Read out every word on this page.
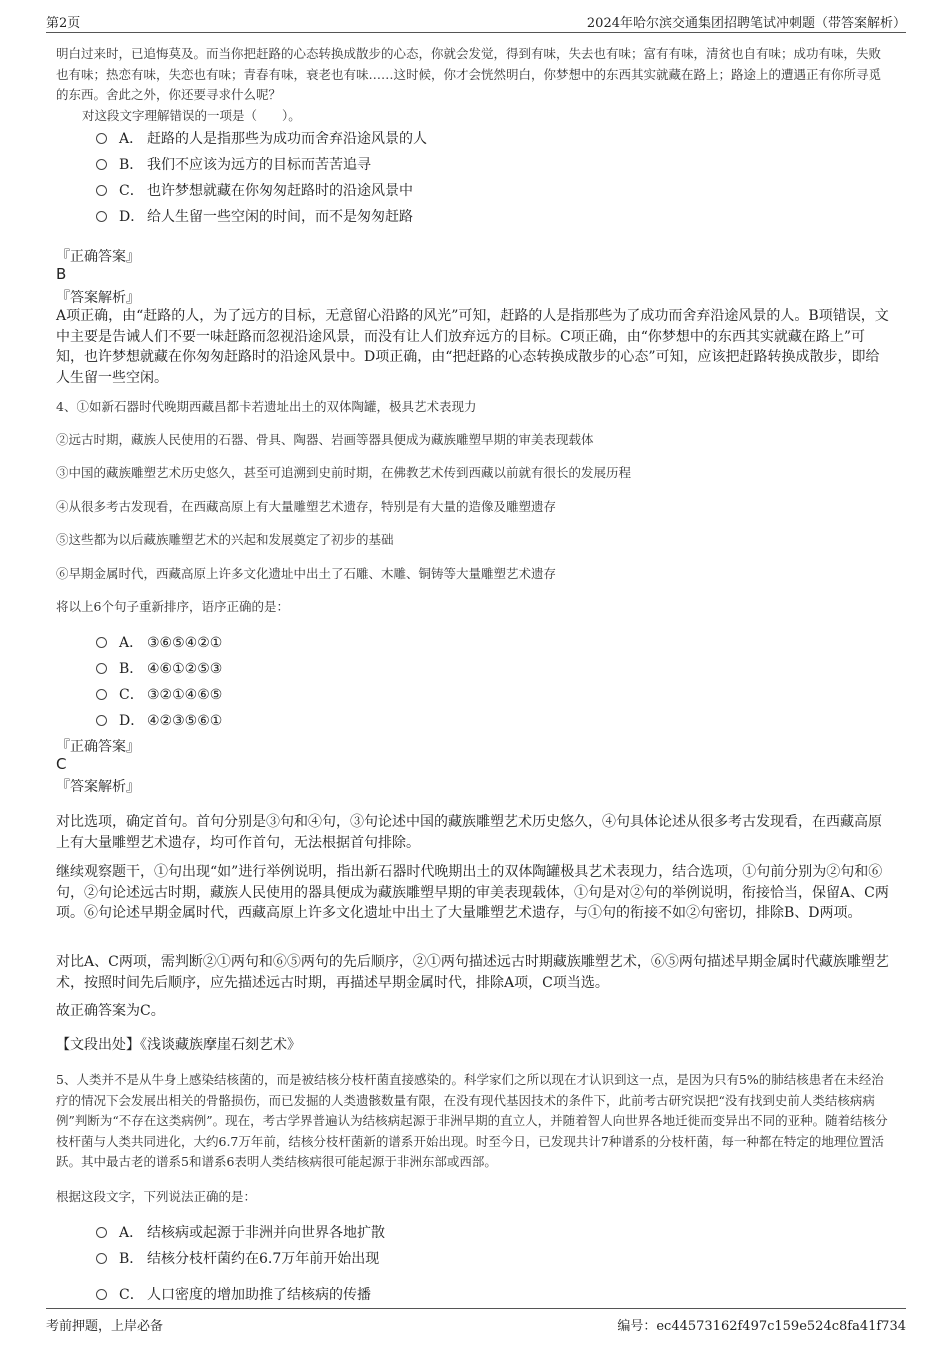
第2页	2024年哈尔滨交通集团招聘笔试冲刺题（带答案解析）
明白过来时，已追悔莫及。而当你把赶路的心态转换成散步的心态，你就会发觉，得到有味，失去也有味；富有有味，清贫也自有味；成功有味，失败也有味；热恋有味，失恋也有味；青春有味，衰老也有味……这时候，你才会恍然明白，你梦想中的东西其实就藏在路上；路途上的遭遇正有你所寻觅的东西。舍此之外，你还要寻求什么呢？
对这段文字理解错误的一项是（　　）。
A． 赶路的人是指那些为成功而舍弃沿途风景的人
B． 我们不应该为远方的目标而苦苦追寻
C． 也许梦想就藏在你匆匆赶路时的沿途风景中
D． 给人生留一些空闲的时间，而不是匆匆赶路
『正确答案』
B
『答案解析』
A项正确，由“赶路的人，为了远方的目标，无意留心沿路的风光”可知，赶路的人是指那些为了成功而舍弃沿途风景的人。B项错误，文中主要是告诫人们不要一味赶路而忽视沿途风景，而没有让人们放弃远方的目标。C项正确，由“你梦想中的东西其实就藏在路上”可知，也许梦想就藏在你匆匆赶路时的沿途风景中。D项正确，由“把赶路的心态转换成散步的心态”可知，应该把赶路转换成散步，即给人生留一些空闲。
4、①如新石器时代晚期西藏昌都卡若遗址出土的双体陶罐，极具艺术表现力
②远古时期，藏族人民使用的石器、骨具、陶器、岩画等器具便成为藏族雕塑早期的审美表现载体
③中国的藏族雕塑艺术历史悠久，甚至可追溯到史前时期，在佛教艺术传到西藏以前就有很长的发展历程
④从很多考古发现看，在西藏高原上有大量雕塑艺术遗存，特别是有大量的造像及雕塑遗存
⑤这些都为以后藏族雕塑艺术的兴起和发展奠定了初步的基础
⑥早期金属时代，西藏高原上许多文化遗址中出土了石雕、木雕、铜铸等大量雕塑艺术遗存
将以上6个句子重新排序，语序正确的是：
A． ③⑥⑤④②①
B． ④⑥①②⑤③
C． ③②①④⑥⑤
D． ④②③⑤⑥①
『正确答案』
C
『答案解析』
对比选项，确定首句。首句分别是③句和④句，③句论述中国的藏族雕塑艺术历史悠久，④句具体论述从很多考古发现看，在西藏高原上有大量雕塑艺术遗存，均可作首句，无法根据首句排除。
继续观察题干，①句出现“如”进行举例说明，指出新石器时代晚期出土的双体陶罐极具艺术表现力，结合选项，①句前分别为②句和⑥句，②句论述远古时期，藏族人民使用的器具便成为藏族雕塑早期的审美表现载体，①句是对②句的举例说明，衔接恰当，保留A、C两项。⑥句论述早期金属时代，西藏高原上许多文化遗址中出土了大量雕塑艺术遗存，与①句的衔接不如②句密切，排除B、D两项。
对比A、C两项，需判断②①两句和⑥⑤两句的先后顺序，②①两句描述远古时期藏族雕塑艺术，⑥⑤两句描述早期金属时代藏族雕塑艺术，按照时间先后顺序，应先描述远古时期，再描述早期金属时代，排除A项，C项当选。
故正确答案为C。
【文段出处】《浅谈藏族摩崖石刻艺术》
5、人类并不是从牛身上感染结核菌的，而是被结核分枝杆菌直接感染的。科学家们之所以现在才认识到这一点，是因为只有5%的肺结核患者在未经治疗的情况下会发展出相关的骨骼损伤，而已发掘的人类遗骸数量有限，在没有现代基因技术的条件下，此前考古研究误把“没有找到史前人类结核病病例”判断为“不存在这类病例”。现在，考古学界普遍认为结核病起源于非洲早期的直立人，并随着智人向世界各地迁徙而变异出不同的亚种。随着结核分枝杆菌与人类共同进化，大约6.7万年前，结核分枝杆菌新的谱系开始出现。时至今日，已发现共计7种谱系的分枝杆菌，每一种都在特定的地理位置活跃。其中最古老的谱系5和谱系6表明人类结核病很可能起源于非洲东部或西部。
根据这段文字，下列说法正确的是：
A． 结核病或起源于非洲并向世界各地扩散
B． 结核分枝杆菌约在6.7万年前开始出现
C． 人口密度的增加助推了结核病的传播
考前押题，上岸必备	编号：ec44573162f497c159e524c8fa41f734
